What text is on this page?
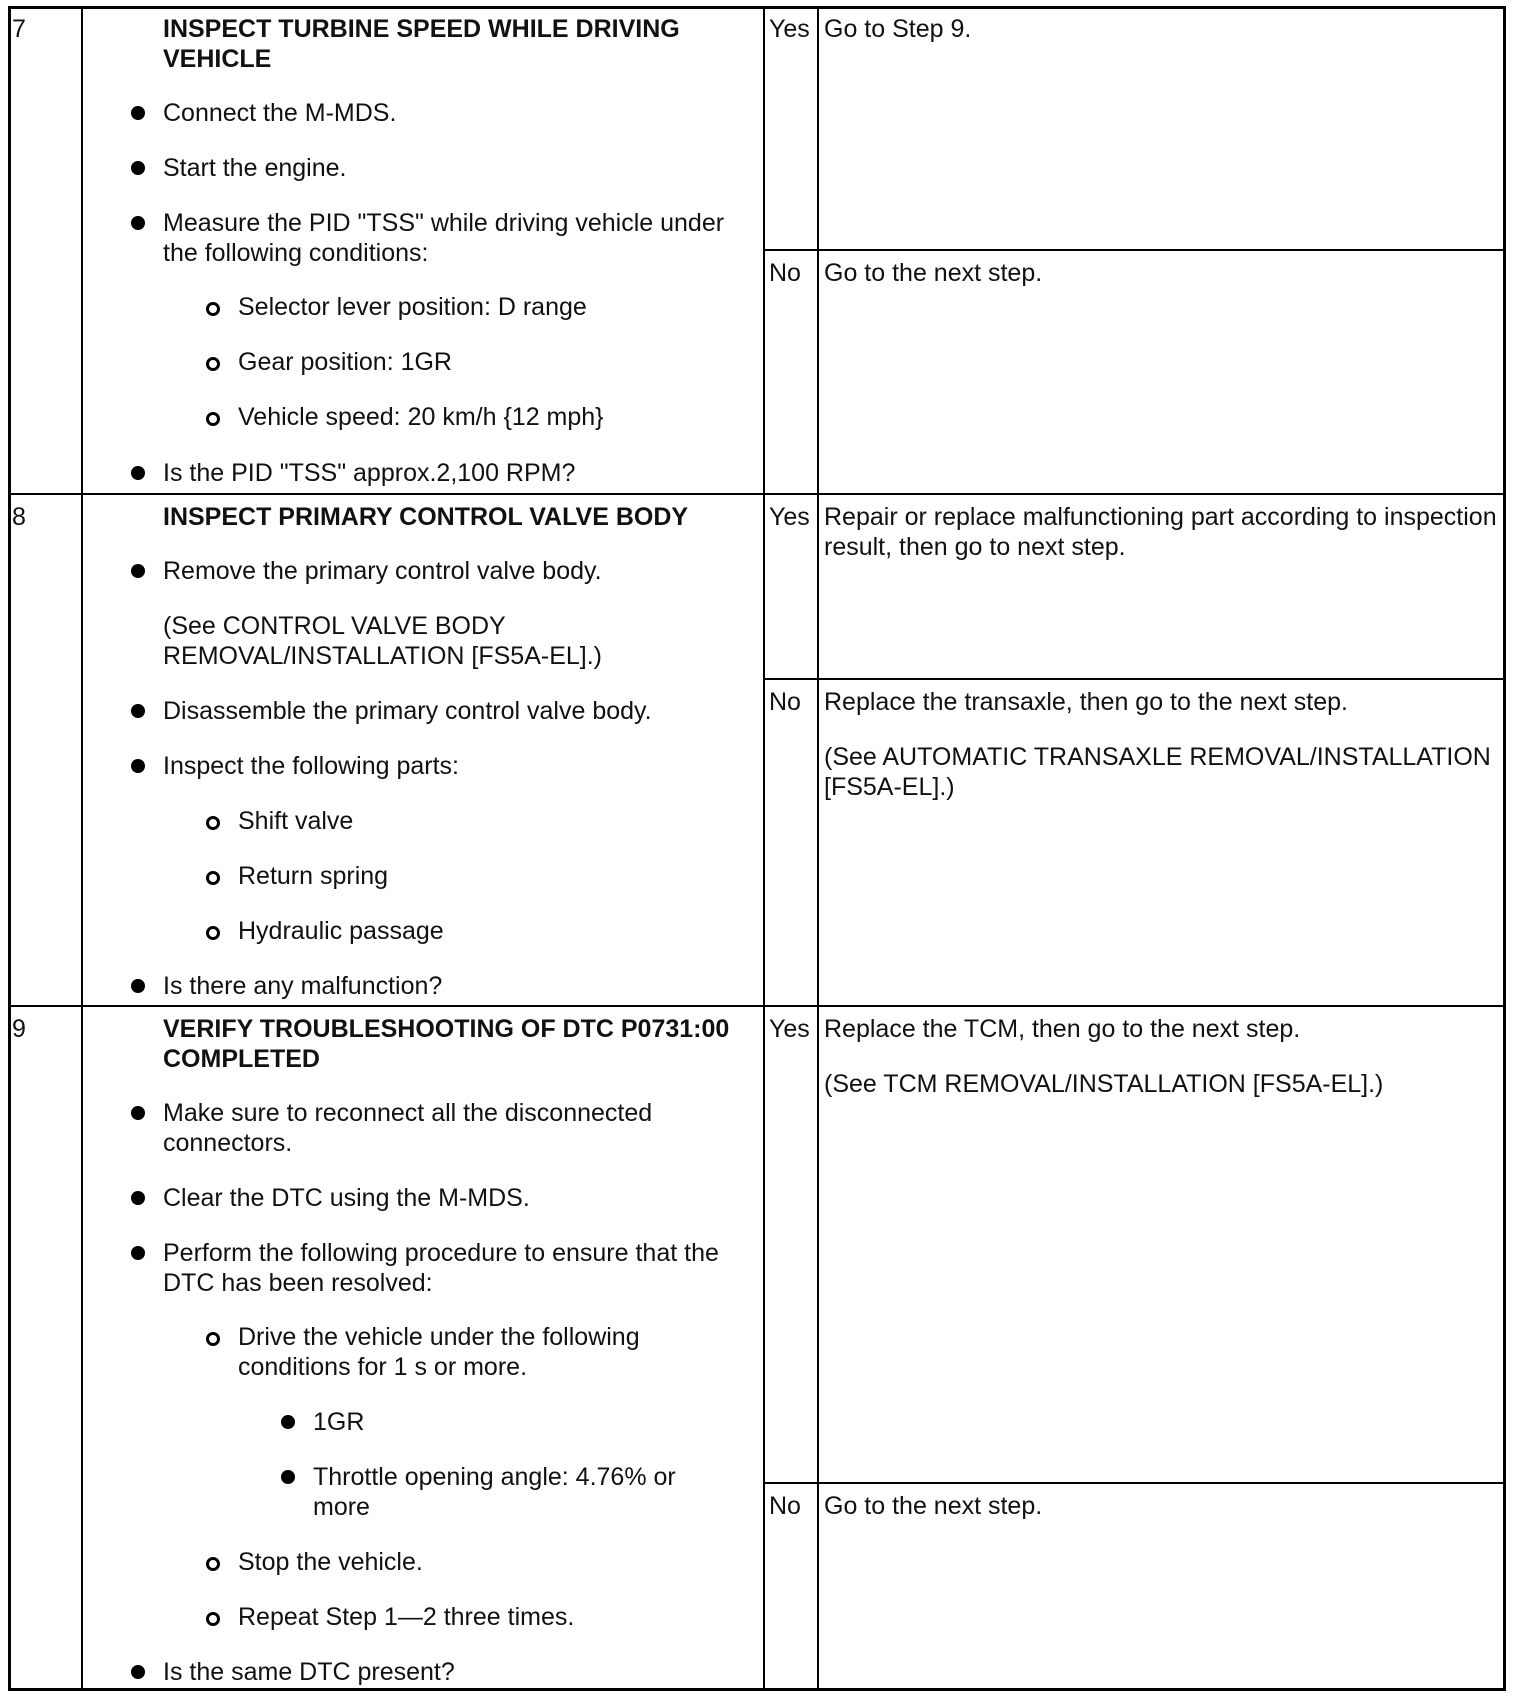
7	INSPECT TURBINE SPEED WHILE DRIVING
VEHICLE
Connect the M-MDS.
Start the engine.
Measure the PID "TSS" while driving vehicle under
the following conditions:
Selector lever position: D range
Gear position: 1GR
Vehicle speed: 20 km/h {12 mph}
Is the PID "TSS" approx.2,100 RPM?
Yes Go to Step 9.
No Go to the next step.
8	INSPECT PRIMARY CONTROL VALVE BODY
Remove the primary control valve body.
(See CONTROL VALVE BODY
REMOVAL/INSTALLATION [FS5A-EL].)
Disassemble the primary control valve body.
Inspect the following parts:
Shift valve
Return spring
Hydraulic passage
Is there any malfunction?
Yes Repair or replace malfunctioning part according to inspection
result, then go to next step.
No Replace the transaxle, then go to the next step.
(See AUTOMATIC TRANSAXLE REMOVAL/INSTALLATION
[FS5A-EL].)
9	VERIFY TROUBLESHOOTING OF DTC P0731:00
COMPLETED
Make sure to reconnect all the disconnected
connectors.
Clear the DTC using the M-MDS.
Perform the following procedure to ensure that the
DTC has been resolved:
Drive the vehicle under the following
conditions for 1 s or more.
1GR
Throttle opening angle: 4.76% or
more
Stop the vehicle.
Repeat Step 1—2 three times.
Is the same DTC present?
Yes Replace the TCM, then go to the next step.
(See TCM REMOVAL/INSTALLATION [FS5A-EL].)
No Go to the next step.
